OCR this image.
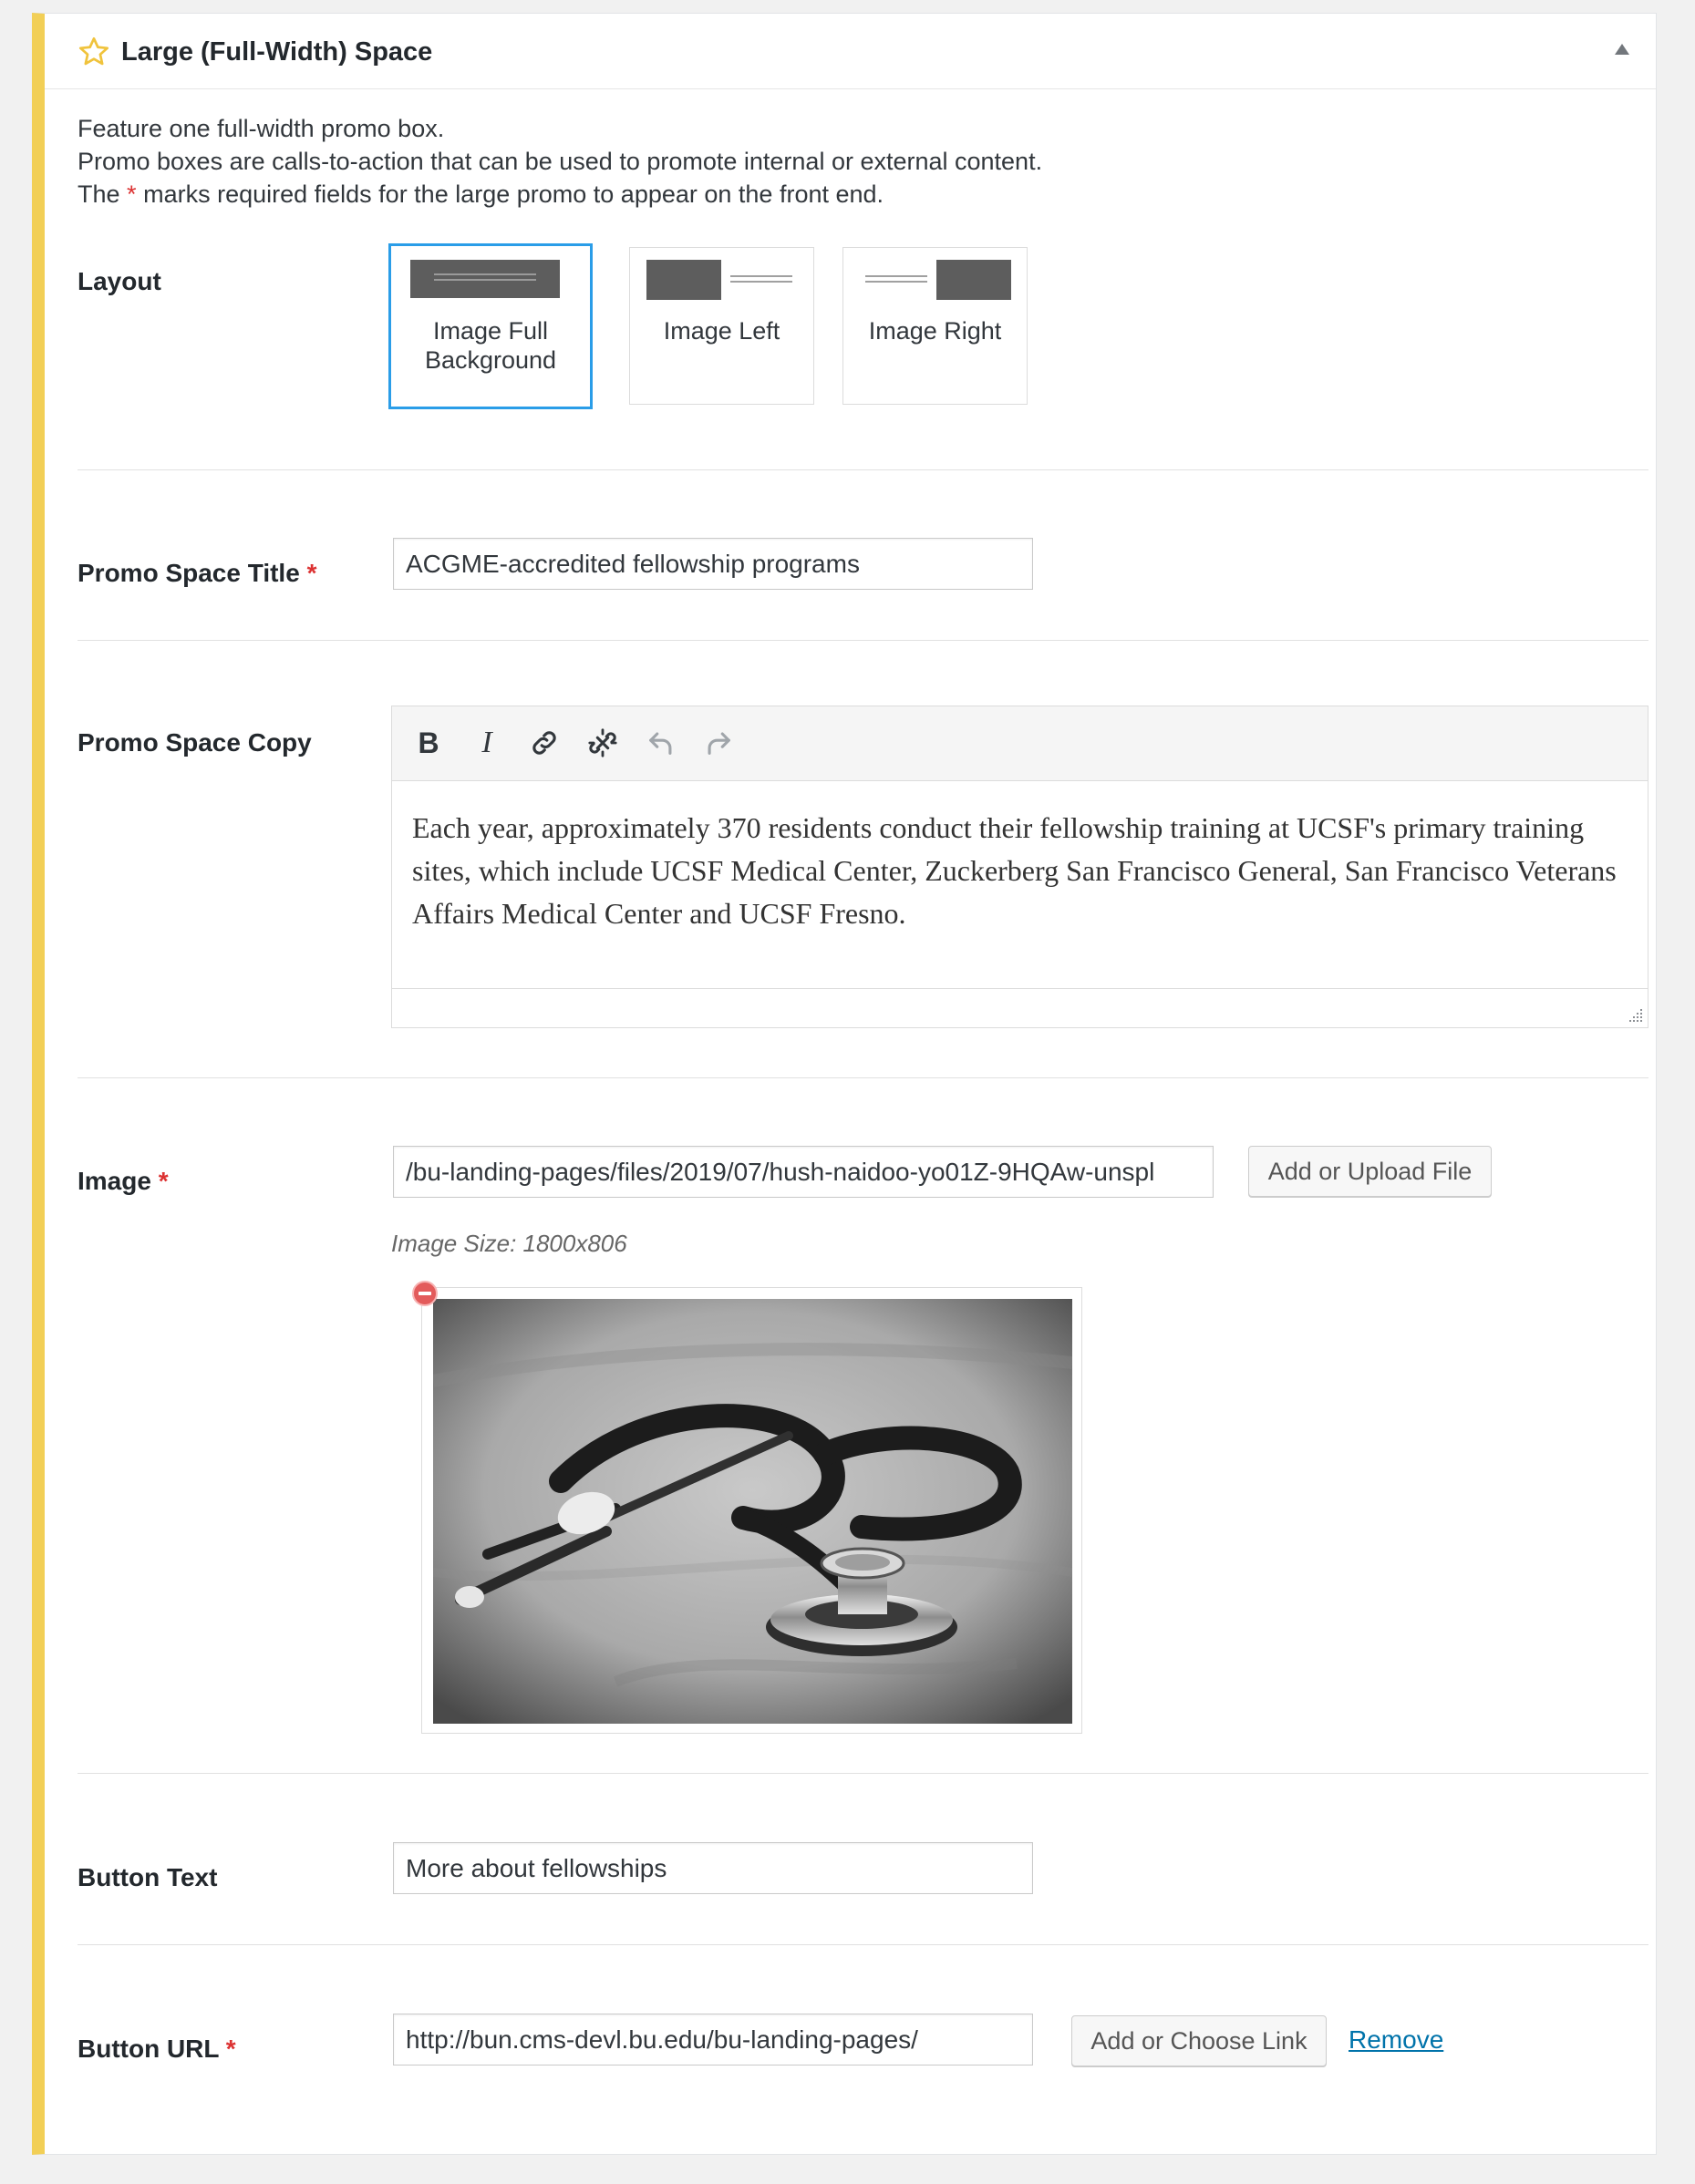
Large (Full-Width) Space
Feature one full-width promo box.
Promo boxes are calls-to-action that can be used to promote internal or external content.
The * marks required fields for the large promo to appear on the front end.
Layout
Image Full Background
Image Left	Image Right
Promo Space Title *	ACGME-accredited fellowship programs
Promo Space Copy	B I
Each year, approximately 370 residents conduct their fellowship training at UCSF's primary training sites, which include UCSF Medical Center, Zuckerberg San Francisco General, San Francisco Veterans Affairs Medical Center and UCSF Fresno.
Image *	/bu-landing-pages/files/2019/07/hush-naidoo-yo01Z-9HQAw-unspl	Add or Upload File
Image Size: 1800x806
Button Text	More about fellowships
Button URL *	http://bun.cms-devl.bu.edu/bu-landing-pages/	Add or Choose Link	Remove
